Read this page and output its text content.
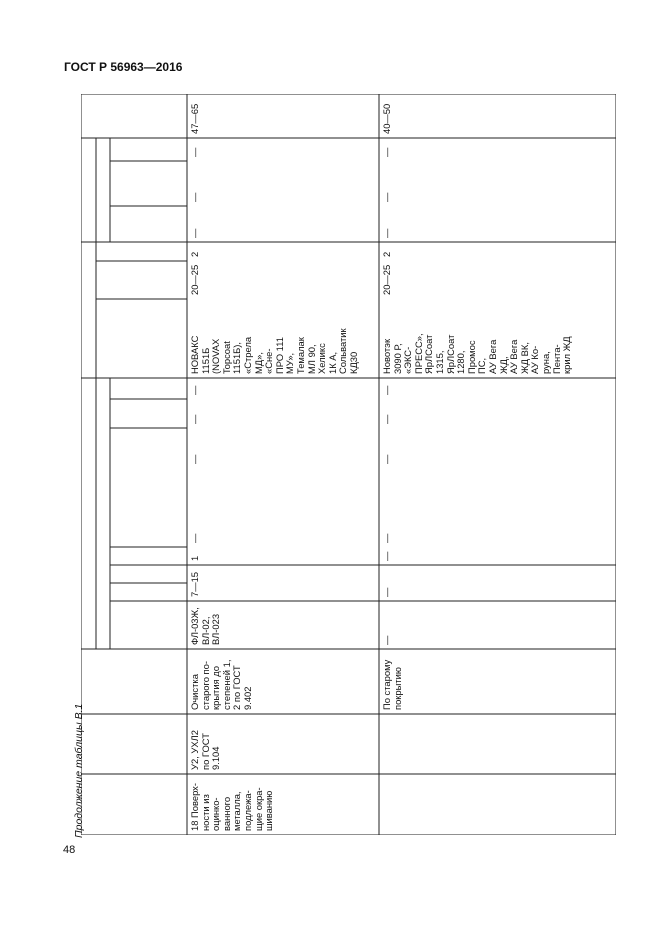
ГОСТ Р 56963—2016
48
Продолжение таблицы В.1
47—65
—
—
—
2
20—25
НОВАКС
1151Б
(NOVAX
Topcoat
1151Б),
«Стрела
МД»,
«Сне-
ПРО 111
МУ»,
Темалак
МЛ 90,
Хеликс
1К А,
Сольватик
КД30
—
—
—
—
Очистка
старого по-
крытия до
степеней 1,
2 по ГОСТ
9.402
У2, УХЛ2
по ГОСТ
9.104
18 Поверх-
ности из
оцинко-
ванного
металла,
подлежа-
щие окра-
шиванию
1
7—15
ФЛ-03Ж,
ВЛ-02,
ВЛ-023
40—50
—
—
—
2
20—25
Новотэк
3090 Р,
«ЭКС-
ПРЕСС»,
ЯрЛСоат
1315,
ЯрЛСоат
1280,
Промос
ПС,
АУ Вега
ЖД,
АУ Вега
ЖД ВК,
АУ Ко-
руна,
Пента-
крил ЖД
—
—
—
—
По старому
покрытию
—
—
—
